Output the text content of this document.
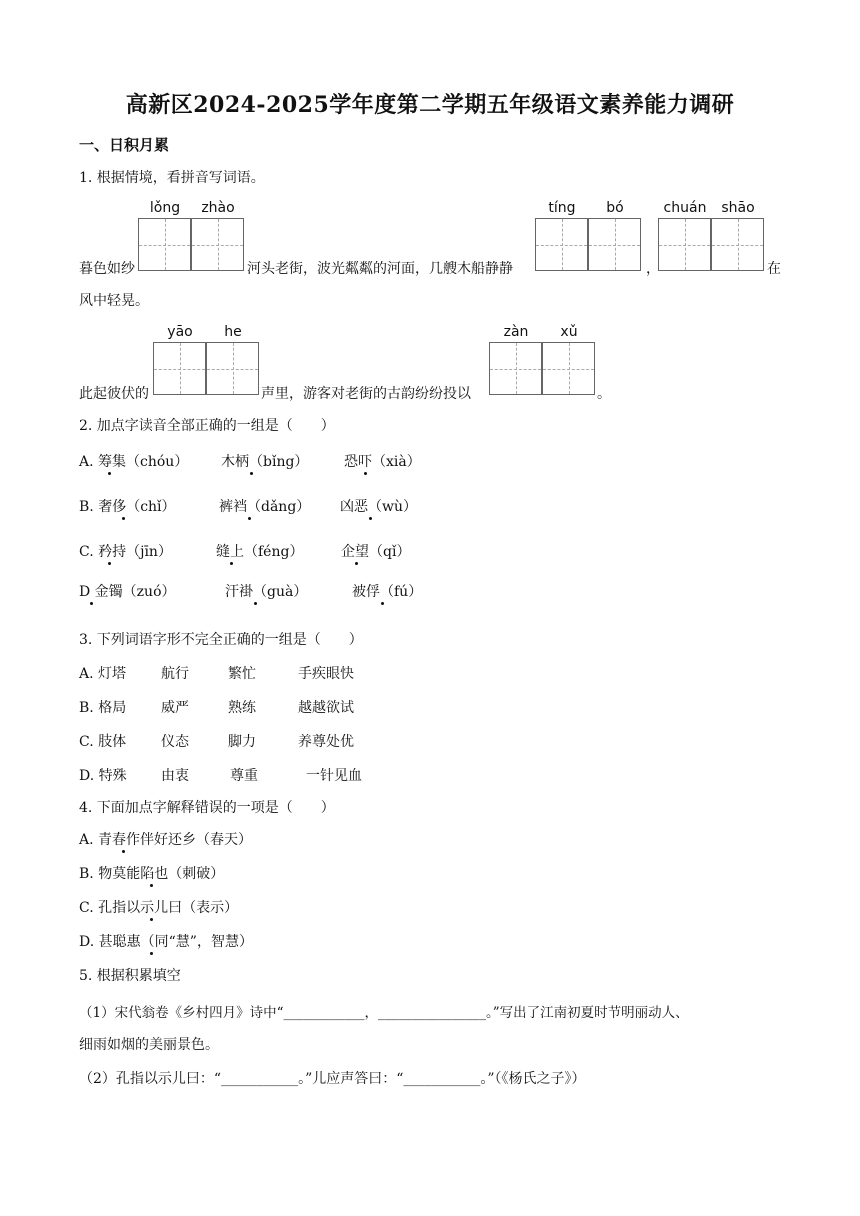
高新区2024-2025学年度第二学期五年级语文素养能力调研
一、日积月累
1. 根据情境，看拼音写词语。
lǒng	zhào	tíng	bó	chuán	shāo
暮色如纱	河头老街，波光粼粼的河面，几艘木船静静	，	在
风中轻晃。
yāo	he	zàn	xǔ
此起彼伏的	声里，游客对老街的古韵纷纷投以	。
2. 加点字读音全部正确的一组是（　　）
A. 筹集（chóu） 木柄（bǐng）	恐吓（xià）
B. 奢侈（chǐ）	裤裆（dǎng） 凶恶（wù）
C. 矜持（jīn）	缝上（féng）	企望（qǐ）
D 金镯（zuó）	汗褂（guà）	被俘（fú）
3. 下列词语字形不完全正确的一组是（　　）
A. 灯塔 航行	繁忙	手疾眼快
B. 格局 威严	熟练	越越欲试
C. 肢体 仪态	脚力	养尊处优
D. 特殊 由衷	尊重	一针见血
4. 下面加点字解释错误的一项是（　　）
A. 青春作伴好还乡（春天）
B. 物莫能陷也（刺破）
C. 孔指以示儿曰（表示）
D. 甚聪惠（同“慧”，智慧）
5. 根据积累填空
（1）宋代翁卷《乡村四月》诗中“____________，________________。”写出了江南初夏时节明丽动人、
细雨如烟的美丽景色。
（2）孔指以示儿曰：“___________。”儿应声答曰：“___________。”（《杨氏之子》）
